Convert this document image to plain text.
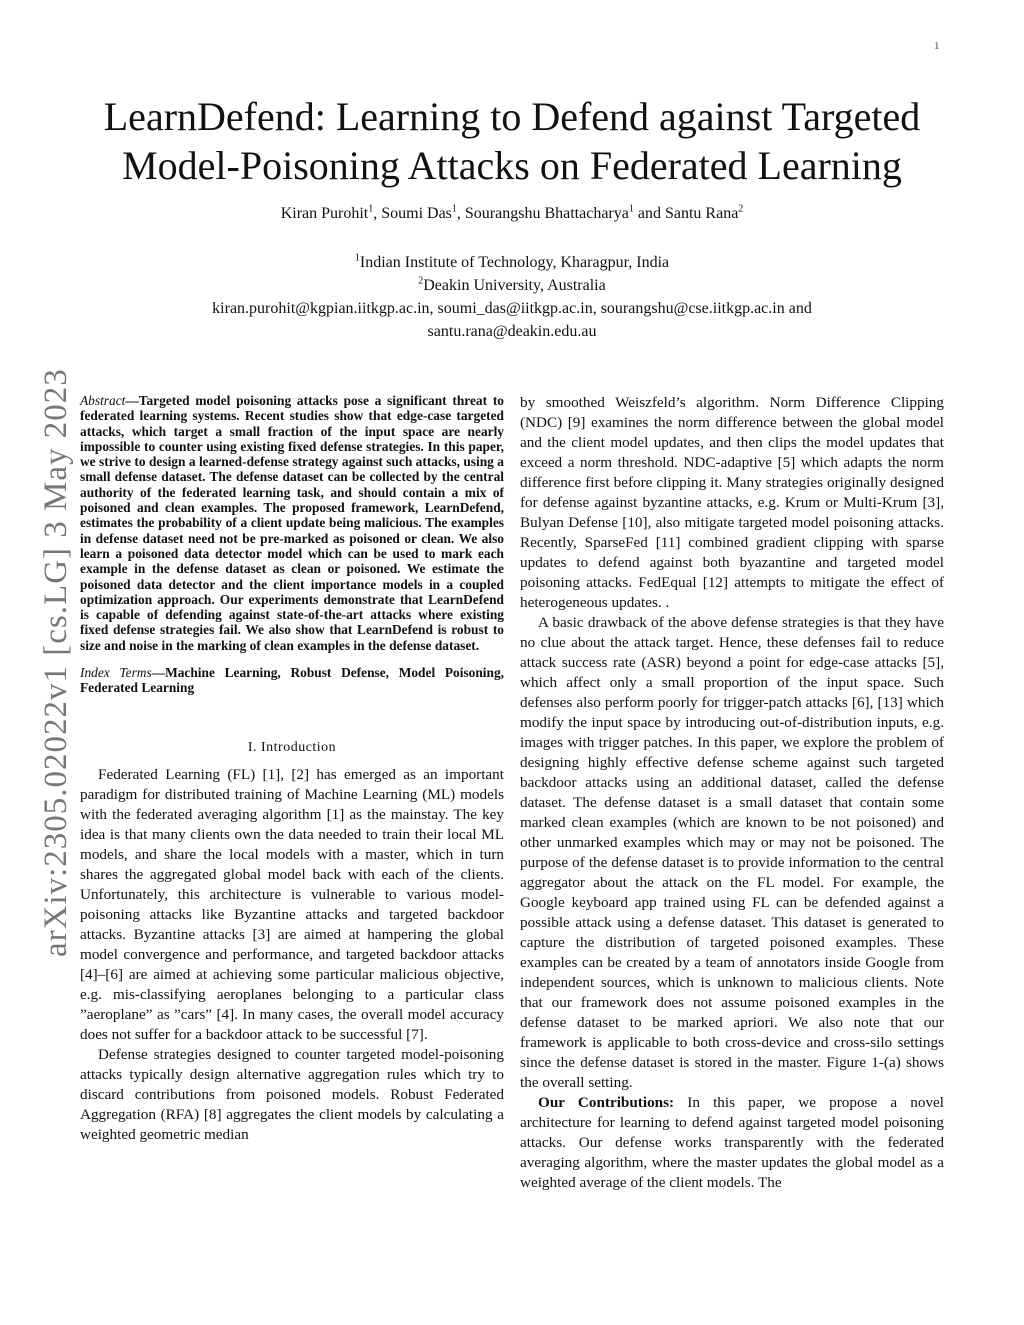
1
arXiv:2305.02022v1 [cs.LG] 3 May 2023
LearnDefend: Learning to Defend against Targeted
Model-Poisoning Attacks on Federated Learning
Kiran Purohit$^1$, Soumi Das$^1$, Sourangshu Bhattacharya$^1$ and Santu Rana$^2$
$^1$Indian Institute of Technology, Kharagpur, India
$^2$Deakin University, Australia
kiran.purohit@kgpian.iitkgp.ac.in, soumi_das@iitkgp.ac.in, sourangshu@cse.iitkgp.ac.in and
santu.rana@deakin.edu.au

Abstract—Targeted model poisoning attacks pose a significant threat to federated learning systems. Recent studies show that edge-case targeted attacks, which target a small fraction of the input space are nearly impossible to counter using existing fixed defense strategies. In this paper, we strive to design a learned-defense strategy against such attacks, using a small defense dataset. The defense dataset can be collected by the central authority of the federated learning task, and should contain a mix of poisoned and clean examples. The proposed framework, LearnDefend, estimates the probability of a client update being malicious. The examples in defense dataset need not be pre-marked as poisoned or clean. We also learn a poisoned data detector model which can be used to mark each example in the defense dataset as clean or poisoned. We estimate the poisoned data detector and the client importance models in a coupled optimization approach. Our experiments demonstrate that LearnDefend is capable of defending against state-of-the-art attacks where existing fixed defense strategies fail. We also show that LearnDefend is robust to size and noise in the marking of clean examples in the defense dataset.

Index Terms—Machine Learning, Robust Defense, Model Poisoning, Federated Learning

I. Introduction

Federated Learning (FL) [1], [2] has emerged as an important paradigm for distributed training of Machine Learning (ML) models with the federated averaging algorithm [1] as the mainstay. The key idea is that many clients own the data needed to train their local ML models, and share the local models with a master, which in turn shares the aggregated global model back with each of the clients. Unfortunately, this architecture is vulnerable to various model-poisoning attacks like Byzantine attacks and targeted backdoor attacks. Byzantine attacks [3] are aimed at hampering the global model convergence and performance, and targeted backdoor attacks [4]–[6] are aimed at achieving some particular malicious objective, e.g. mis-classifying aeroplanes belonging to a particular class ”aeroplane” as ”cars” [4]. In many cases, the overall model accuracy does not suffer for a backdoor attack to be successful [7].

Defense strategies designed to counter targeted model-poisoning attacks typically design alternative aggregation rules which try to discard contributions from poisoned models. Robust Federated Aggregation (RFA) [8] aggregates the client models by calculating a weighted geometric median

by smoothed Weiszfeld’s algorithm. Norm Difference Clipping (NDC) [9] examines the norm difference between the global model and the client model updates, and then clips the model updates that exceed a norm threshold. NDC-adaptive [5] which adapts the norm difference first before clipping it. Many strategies originally designed for defense against byzantine attacks, e.g. Krum or Multi-Krum [3], Bulyan Defense [10], also mitigate targeted model poisoning attacks. Recently, SparseFed [11] combined gradient clipping with sparse updates to defend against both byazantine and targeted model poisoning attacks. FedEqual [12] attempts to mitigate the effect of heterogeneous updates. .

A basic drawback of the above defense strategies is that they have no clue about the attack target. Hence, these defenses fail to reduce attack success rate (ASR) beyond a point for edge-case attacks [5], which affect only a small proportion of the input space. Such defenses also perform poorly for trigger-patch attacks [6], [13] which modify the input space by introducing out-of-distribution inputs, e.g. images with trigger patches. In this paper, we explore the problem of designing highly effective defense scheme against such targeted backdoor attacks using an additional dataset, called the defense dataset. The defense dataset is a small dataset that contain some marked clean examples (which are known to be not poisoned) and other unmarked examples which may or may not be poisoned. The purpose of the defense dataset is to provide information to the central aggregator about the attack on the FL model. For example, the Google keyboard app trained using FL can be defended against a possible attack using a defense dataset. This dataset is generated to capture the distribution of targeted poisoned examples. These examples can be created by a team of annotators inside Google from independent sources, which is unknown to malicious clients. Note that our framework does not assume poisoned examples in the defense dataset to be marked apriori. We also note that our framework is applicable to both cross-device and cross-silo settings since the defense dataset is stored in the master. Figure 1-(a) shows the overall setting.

Our Contributions: In this paper, we propose a novel architecture for learning to defend against targeted model poisoning attacks. Our defense works transparently with the federated averaging algorithm, where the master updates the global model as a weighted average of the client models. The
